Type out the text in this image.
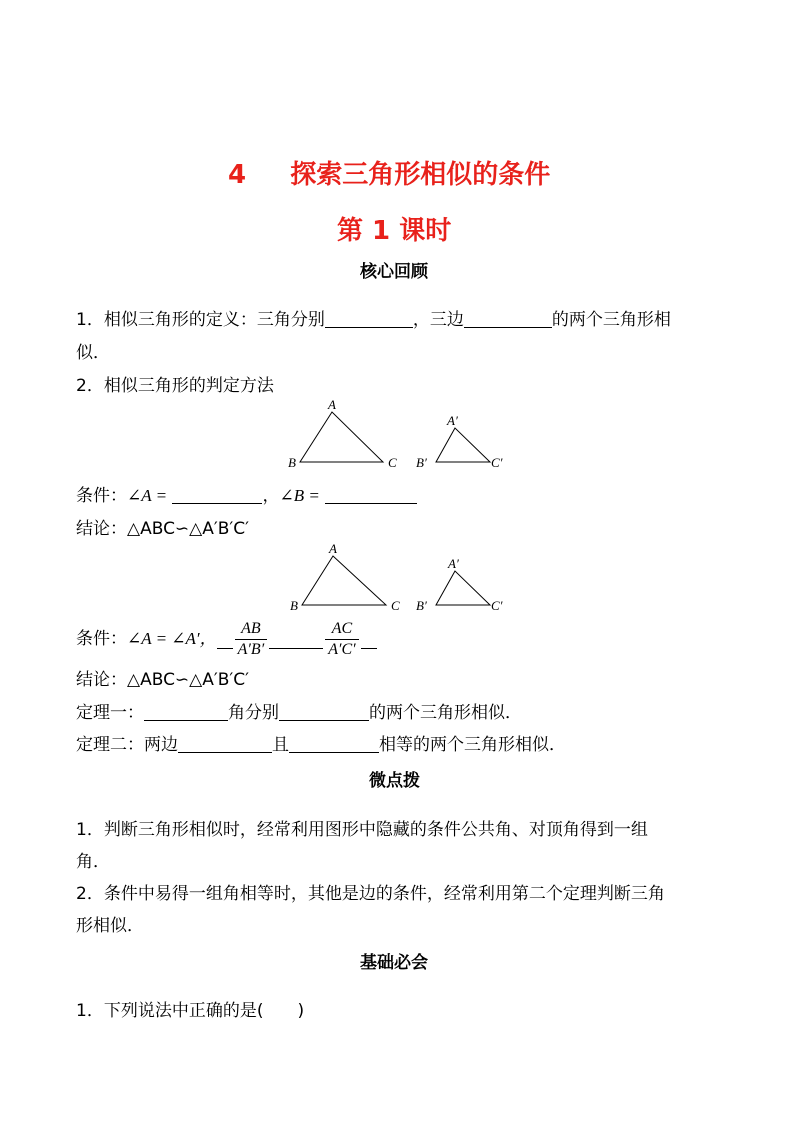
4 探索三角形相似的条件
第 1 课时
核心回顾
1．相似三角形的定义：三角分别	，三边	的两个三角形相
似．
2．相似三角形的判定方法
A
B	C
A′
B′	C′
条件：∠A =	，∠B =
结论：△ABC∽△A′B′C′
A
B	C
A′
B′	C′
条件： ∠A = ∠A′， $\frac{AB}{A'B'}$	$\frac{AC}{A'C'}$
结论：△ABC∽△A′B′C′
定理一：	角分别	的两个三角形相似．
定理二：两边	且	相等的两个三角形相似．
微点拨
1．判断三角形相似时，经常利用图形中隐藏的条件公共角、对顶角得到一组
角．
2．条件中易得一组角相等时，其他是边的条件，经常利用第二个定理判断三角
形相似．
基础必会
1．下列说法中正确的是(　　)
